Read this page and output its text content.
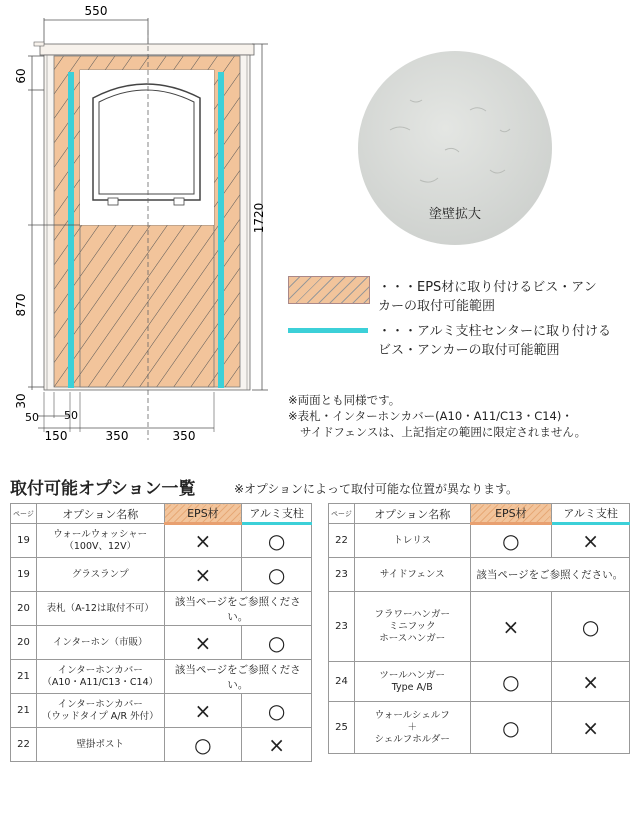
550
60
870
30
1720
50 50
150	350	350
塗壁拡大
・・・EPS材に取り付けるビス・アン
カーの取付可能範囲
・・・アルミ支柱センターに取り付ける
ビス・アンカーの取付可能範囲
※両面とも同様です。
※表札・インターホンカバー(A10・A11/C13・C14)・
サイドフェンスは、上記指定の範囲に限定されません。
取付可能オプション一覧	※オプションによって取付可能な位置が異なります。
ページ	オプション名称	EPS材	アルミ支柱
19	ウォールウォッシャー
（100V、12V）	×	○
19	グラスランプ	×	○
20	表札（A-12は取付不可）	該当ページをご参照ください。	
20	インターホン（市販）	×	○
21	インターホンカバー
（A10・A11/C13・C14）	該当ページをご参照ください。	
21	インターホンカバー
（ウッドタイプ A/R 外付）	×	○
22	壁掛ポスト	○	×
ページ	オプション名称	EPS材	アルミ支柱
22	トレリス	○	×
23	サイドフェンス	該当ページをご参照ください。	
23	フラワーハンガー
ミニフック
ホースハンガー	×	○
24	ツールハンガー
Type A/B	○	×
25	ウォールシェルフ
＋
シェルフホルダー	○	×
